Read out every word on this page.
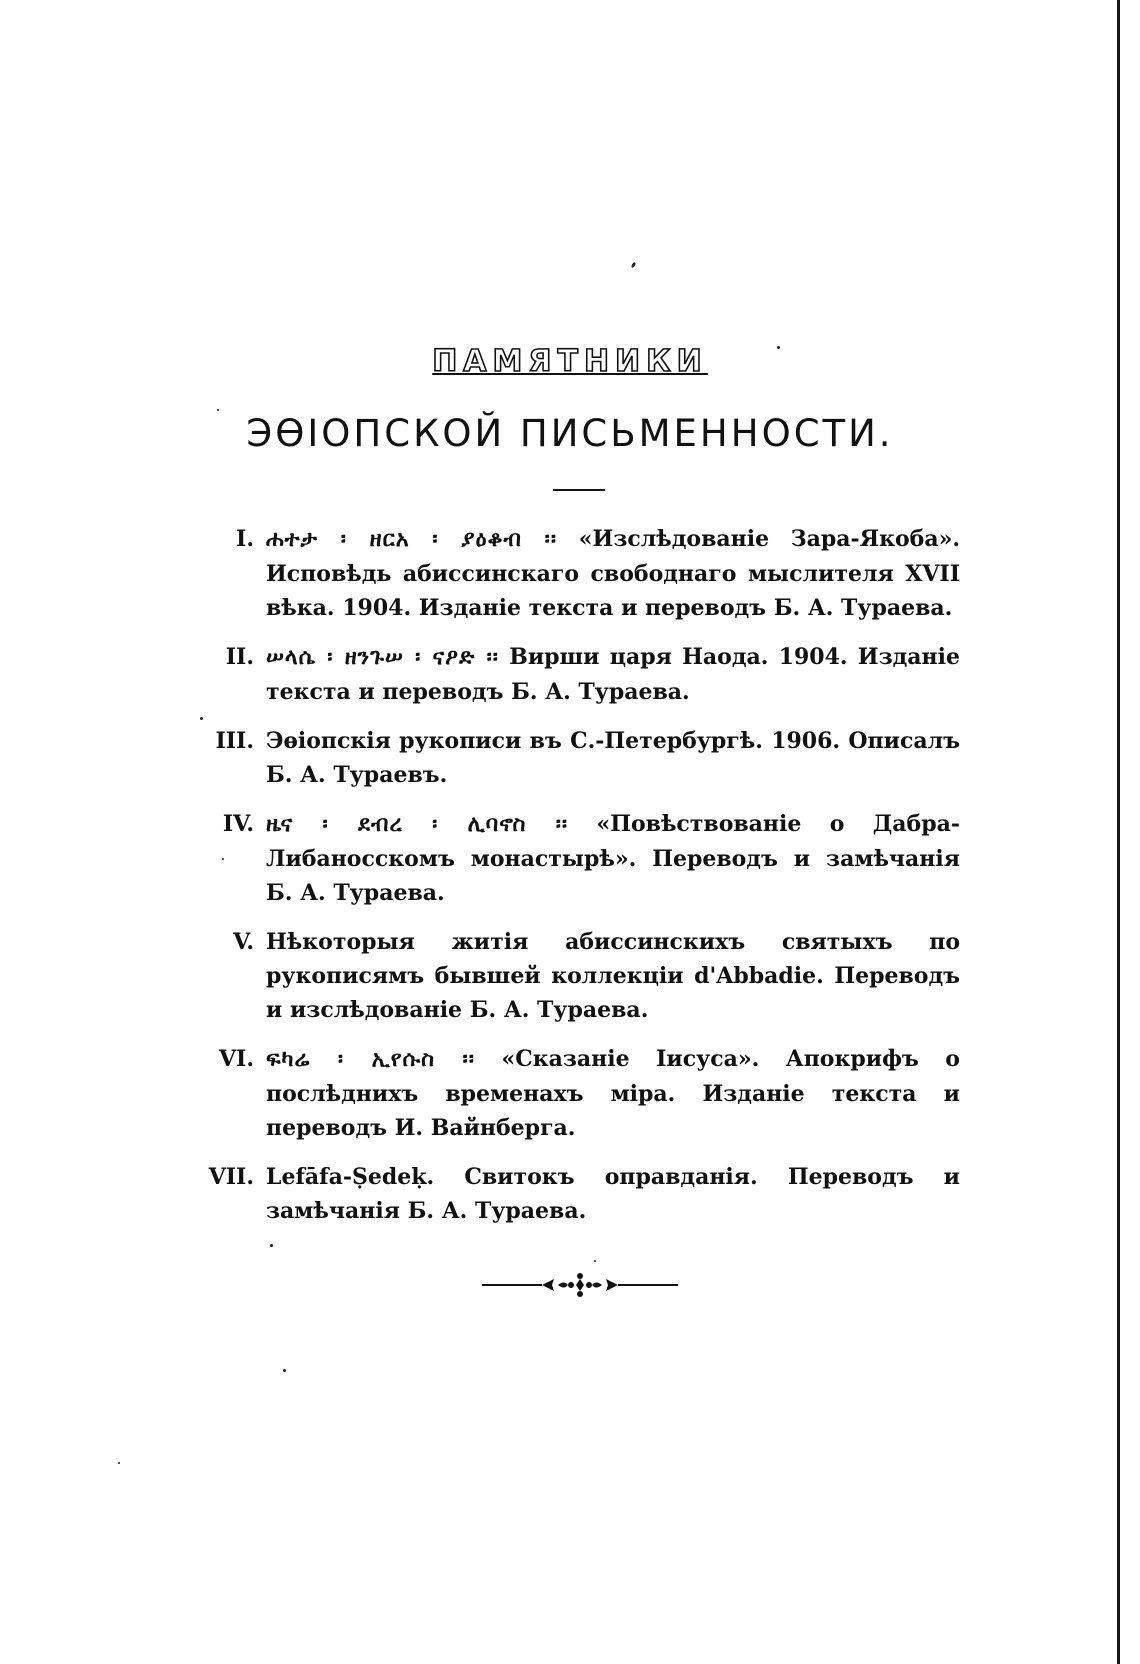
ПАМЯТНИКИ
ЭѲІОПСКОЙ ПИСЬМЕННОСТИ.
I. ሐተታ ፡ ዘርአ ፡ ያዕቆብ ፡፡ «Изслѣдованіе Зара-Якоба». Исповѣдь абиссинскаго свободнаго мыслителя XVII вѣка. 1904. Изданіе текста и переводъ Б. А. Тураева.
II. ሠላሴ ፡ ዘንጉሠ ፡ ናዖድ ፡፡ Вирши царя Наода. 1904. Изданіе текста и переводъ Б. А. Тураева.
III. Эѳіопскія рукописи въ С.-Петербургѣ. 1906. Описалъ Б. А. Тураевъ.
IV. ዜና ፡ ደብረ ፡ ሊባኖስ ፡፡ «Повѣствованіе о Дабра-Либаносскомъ монастырѣ». Переводъ и замѣчанія Б. А. Тураева.
V. Нѣкоторыя житія абиссинскихъ святыхъ по рукописямъ бывшей коллекціи d'Abbadie. Переводъ и изслѣдованіе Б. А. Тураева.
VI. ፍካሬ ፡ ኢየሱስ ፡፡ «Сказаніе Іисуса». Апокрифъ о послѣднихъ временахъ міра. Изданіе текста и переводъ И. Вайнберга.
VII. Lefāfa-Ṣedeḳ. Свитокъ оправданія. Переводъ и замѣчанія Б. А. Тураева.
